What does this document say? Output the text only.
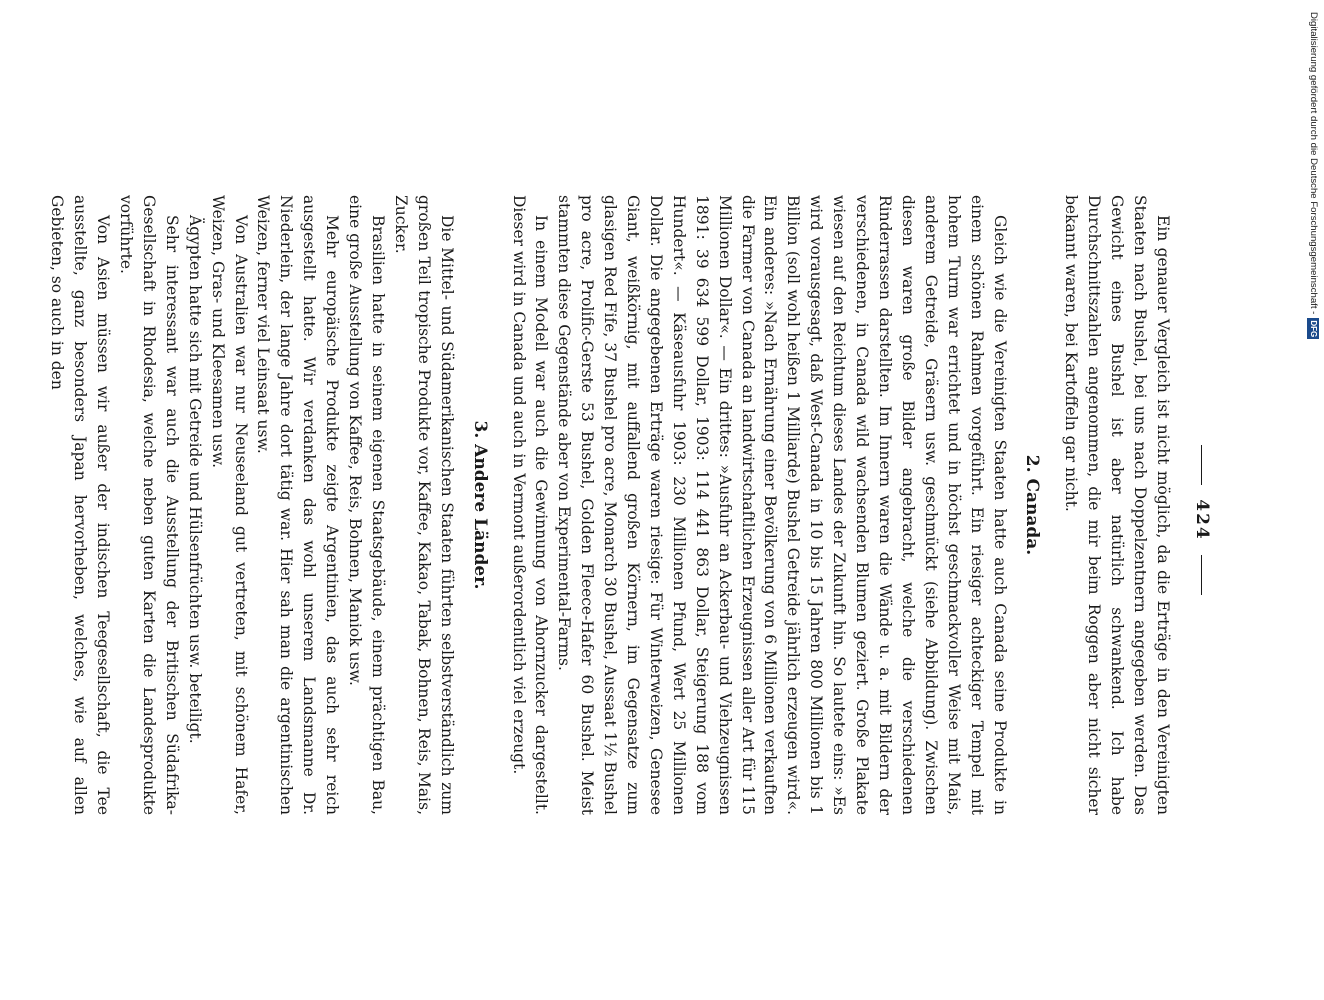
424

Ein genauer Vergleich ist nicht möglich, da die Erträge in den Vereinigten Staaten nach Bushel, bei uns nach Doppelzentnern angegeben werden. Das Gewicht eines Bushel ist aber natürlich schwankend. Ich habe Durchschnittszahlen angenommen, die mir beim Roggen aber nicht sicher bekannt waren, bei Kartoffeln gar nicht.

2. Canada.

Gleich wie die Vereinigten Staaten hatte auch Canada seine Produkte in einem schönen Rahmen vorgeführt. Ein riesiger achteckiger Tempel mit hohem Turm war errichtet und in höchst geschmackvoller Weise mit Mais, anderem Getreide, Gräsern usw. geschmückt (siehe Abbildung). Zwischen diesen waren große Bilder angebracht, welche die verschiedenen Rinderrassen darstellten. Im Innern waren die Wände u. a. mit Bildern der verschiedenen, in Canada wild wachsenden Blumen geziert. Große Plakate wiesen auf den Reichtum dieses Landes der Zukunft hin. So lautete eins: »Es wird vorausgesagt, daß West-Canada in 10 bis 15 Jahren 800 Millionen bis 1 Billion (soll wohl heißen 1 Milliarde) Bushel Getreide jährlich erzeugen wird«. Ein anderes: »Nach Ernährung einer Bevölkerung von 6 Millionen verkauften die Farmer von Canada an landwirtschaftlichen Erzeugnissen aller Art für 115 Millionen Dollar«. — Ein drittes: »Ausfuhr an Ackerbau- und Viehzeugnissen 1891: 39 634 599 Dollar, 1903: 114 441 863 Dollar, Steigerung 188 vom Hundert«. — Käseausfuhr 1903: 230 Millionen Pfund, Wert 25 Millionen Dollar. Die angegebenen Erträge waren riesige: Für Winterweizen, Genesee Giant, weißkörnig, mit auffallend großen Körnern, im Gegensatze zum glasigen Red Fife, 37 Bushel pro acre, Monarch 30 Bushel, Aussaat 1½ Bushel pro acre, Prolific-Gerste 53 Bushel, Golden Fleece-Hafer 60 Bushel. Meist stammten diese Gegenstände aber von Experimental-Farms.

In einem Modell war auch die Gewinnung von Ahornzucker dargestellt. Dieser wird in Canada und auch in Vermont außerordentlich viel erzeugt.

3. Andere Länder.

Die Mittel- und Südamerikanischen Staaten führten selbstverständlich zum großen Teil tropische Produkte vor, Kaffee, Kakao, Tabak, Bohnen, Reis, Mais, Zucker.

Brasilien hatte in seinem eigenen Staatsgebäude, einem prächtigen Bau, eine große Ausstellung von Kaffee, Reis, Bohnen, Maniok usw.

Mehr europäische Produkte zeigte Argentinien, das auch sehr reich ausgestellt hatte. Wir verdanken das wohl unserem Landsmanne Dr. Niederlein, der lange Jahre dort tätig war. Hier sah man die argentinischen Weizen, ferner viel Leinsaat usw.

Von Australien war nur Neuseeland gut vertreten, mit schönem Hafer, Weizen, Gras- und Kleesamen usw.

Ägypten hatte sich mit Getreide und Hülsenfrüchten usw. beteiligt.

Sehr interessant war auch die Ausstellung der Britischen Südafrika-Gesellschaft in Rhodesia, welche neben guten Karten die Landesprodukte vorführte.

Von Asien müssen wir außer der indischen Teegesellschaft, die Tee ausstellte, ganz besonders Japan hervorheben, welches, wie auf allen Gebieten, so auch in den	Digitalisierung gefördert durch die Deutsche Forschungsgemeinschaft -
DFG
